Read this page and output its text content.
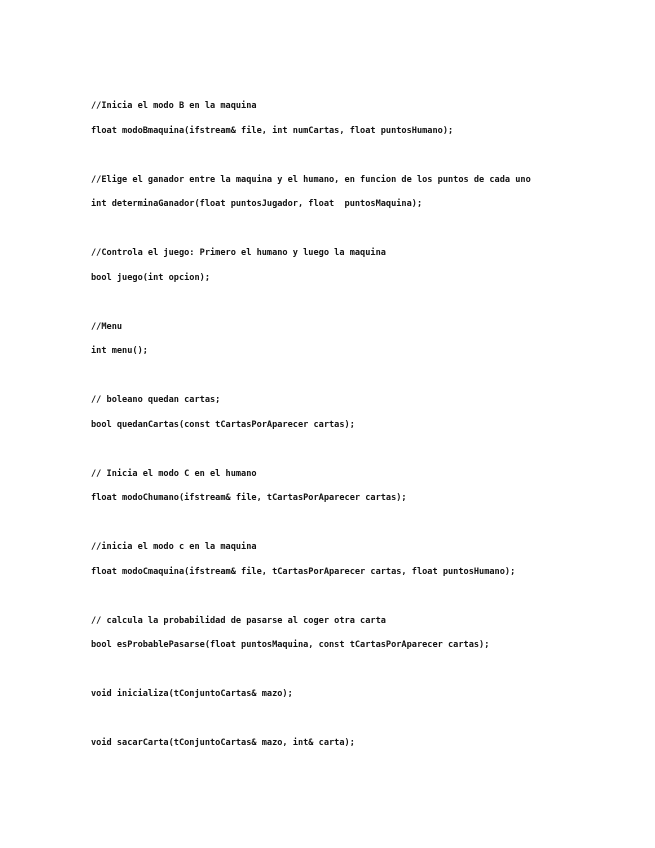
//Inicia el modo B en la maquina
float modoBmaquina(ifstream& file, int numCartas, float puntosHumano);
//Elige el ganador entre la maquina y el humano, en funcion de los puntos de cada uno
int determinaGanador(float puntosJugador, float  puntosMaquina);
//Controla el juego: Primero el humano y luego la maquina
bool juego(int opcion);
//Menu
int menu();
// boleano quedan cartas;
bool quedanCartas(const tCartasPorAparecer cartas);
// Inicia el modo C en el humano
float modoChumano(ifstream& file, tCartasPorAparecer cartas);
//inicia el modo c en la maquina
float modoCmaquina(ifstream& file, tCartasPorAparecer cartas, float puntosHumano);
// calcula la probabilidad de pasarse al coger otra carta
bool esProbablePasarse(float puntosMaquina, const tCartasPorAparecer cartas);
void inicializa(tConjuntoCartas& mazo);
void sacarCarta(tConjuntoCartas& mazo, int& carta);
